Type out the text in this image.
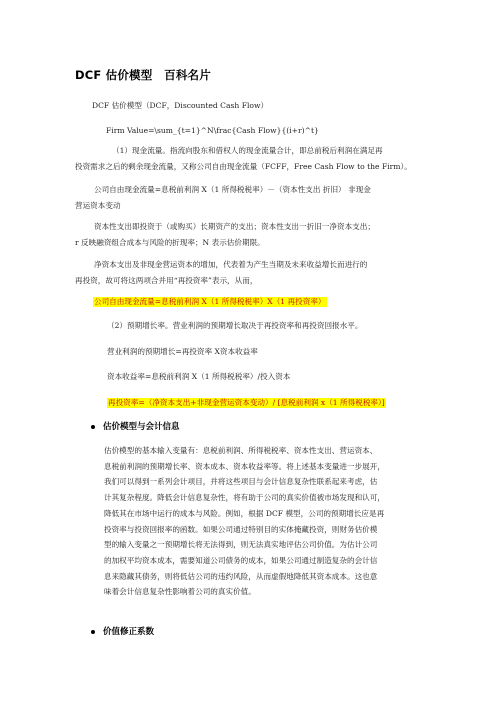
DCF 估价模型　百科名片
DCF 估价模型（DCF，Discounted Cash Flow）
Firm Value=\sum_{t=1}^N\frac{Cash Flow}{(i+r)^t}
（1）现金流量。指流向股东和借权人的现金流量合计，即总前税后利润在满足再
投资需求之后的剩余现金流量，又称公司自由现金流量（FCFF，Free Cash Flow to the Firm）。
公司自由现金流量=息税前利润 X（1 所得税税率）－（资本性支出 折旧） 非现金
营运资本变动
资本性支出即投资于（或购买）长期资产的支出；资本性支出一折旧一净资本支出；
r 反映融资组合成本与风险的折现率；N 表示估价期限。
净资本支出及非现金营运资本的增加，代表着为产生当期及未来收益增长而进行的
再投资，故可将这两项合并用“再投资率”表示，从而，
公司自由现金流量=息税前利润 X（1 所得税税率）X（1 再投资率）
（2）预期增长率。营业利润的预期增长取决于再投资率和再投资回报水平。
营业利润的预期增长=再投资率 X资本收益率
资本收益率=息税前利润 X（1 所得税税率）/投入资本
再投资率=（净资本支出+非现金营运资本变动）/ [息税前利润 x（1 所得税税率）]
估价模型与会计信息
估价模型的基本输入变量有：息税前利润、所得税税率、资本性支出、营运资本、
息税前利润的预期增长率、资本成本、资本收益率等。将上述基本变量进一步展开，
我们可以得到一系列会计项目，并将这些项目与会计信息复杂性联系起来考虑，估
计其复杂程度。降低会计信息复杂性，将有助于公司的真实价值被市场发现和认可，
降低其在市场中运行的成本与风险。例如，根据 DCF 模型，公司的预期增长应是再
投资率与投资回报率的函数。如果公司通过特别目的实体掩藏投资，则财务估价模
型的输入变量之一预期增长将无法得到，则无法真实地评估公司价值。为估计公司
的加权平均资本成本，需要知道公司债务的成本，如果公司通过制造复杂的会计信
息来隐藏其债务，则将低估公司的违约风险，从而虚假地降低其资本成本。这也意
味着会计信息复杂性影响着公司的真实价值。
价值修正系数
